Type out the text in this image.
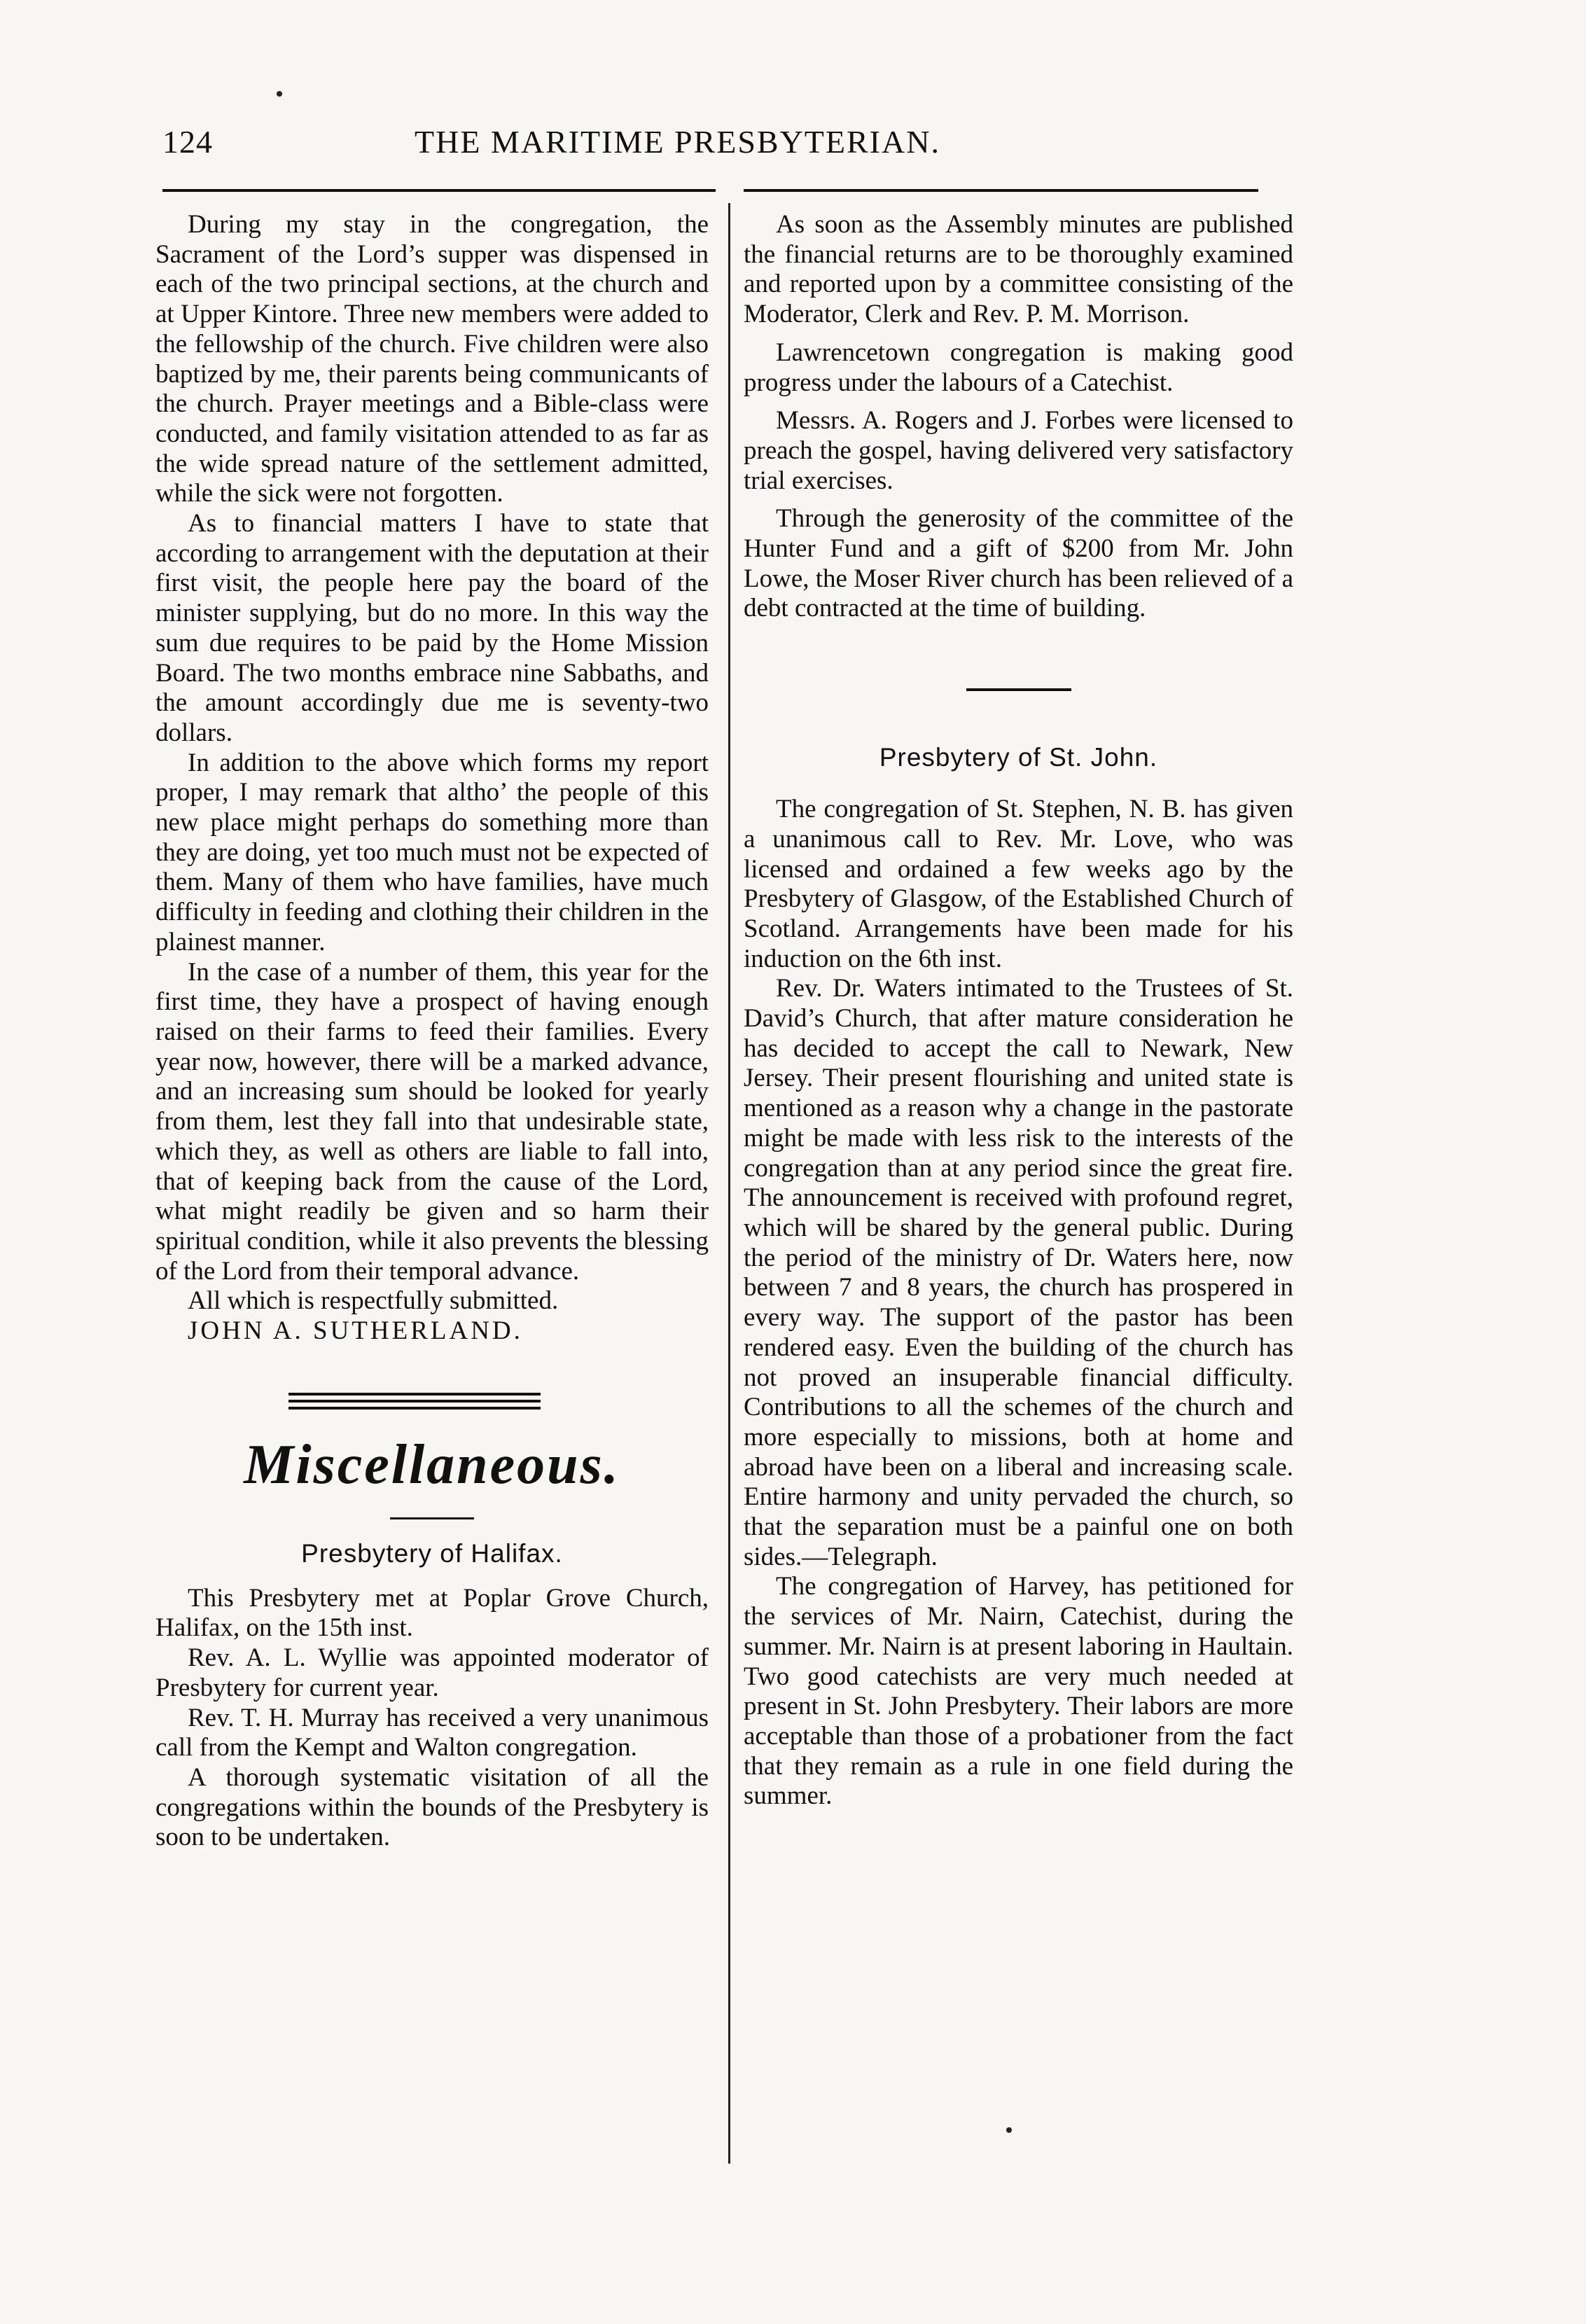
124	THE MARITIME PRESBYTERIAN.

During my stay in the congregation, the Sacrament of the Lord’s supper was dispensed in each of the two principal sections, at the church and at Upper Kintore. Three new members were added to the fellowship of the church. Five children were also baptized by me, their parents being communicants of the church. Prayer meetings and a Bible-class were conducted, and family visitation attended to as far as the wide spread nature of the settlement admitted, while the sick were not forgotten.

As to financial matters I have to state that according to arrangement with the deputation at their first visit, the people here pay the board of the minister supplying, but do no more. In this way the sum due requires to be paid by the Home Mission Board. The two months embrace nine Sabbaths, and the amount accordingly due me is seventy-two dollars.

In addition to the above which forms my report proper, I may remark that altho’ the people of this new place might perhaps do something more than they are doing, yet too much must not be expected of them. Many of them who have families, have much difficulty in feeding and clothing their children in the plainest manner.

In the case of a number of them, this year for the first time, they have a prospect of having enough raised on their farms to feed their families. Every year now, however, there will be a marked advance, and an increasing sum should be looked for yearly from them, lest they fall into that undesirable state, which they, as well as others are liable to fall into, that of keeping back from the cause of the Lord, what might readily be given and so harm their spiritual condition, while it also prevents the blessing of the Lord from their temporal advance.

All which is respectfully submitted.

JOHN A. SUTHERLAND.

Miscellaneous.
Presbytery of Halifax.

This Presbytery met at Poplar Grove Church, Halifax, on the 15th inst.

Rev. A. L. Wyllie was appointed moderator of Presbytery for current year.

Rev. T. H. Murray has received a very unanimous call from the Kempt and Walton congregation.

A thorough systematic visitation of all the congregations within the bounds of the Presbytery is soon to be undertaken.

As soon as the Assembly minutes are published the financial returns are to be thoroughly examined and reported upon by a committee consisting of the Moderator, Clerk and Rev. P. M. Morrison.

Lawrencetown congregation is making good progress under the labours of a Catechist.

Messrs. A. Rogers and J. Forbes were licensed to preach the gospel, having delivered very satisfactory trial exercises.

Through the generosity of the committee of the Hunter Fund and a gift of $200 from Mr. John Lowe, the Moser River church has been relieved of a debt contracted at the time of building.

Presbytery of St. John.

The congregation of St. Stephen, N. B. has given a unanimous call to Rev. Mr. Love, who was licensed and ordained a few weeks ago by the Presbytery of Glasgow, of the Established Church of Scotland. Arrangements have been made for his induction on the 6th inst.

Rev. Dr. Waters intimated to the Trustees of St. David’s Church, that after mature consideration he has decided to accept the call to Newark, New Jersey. Their present flourishing and united state is mentioned as a reason why a change in the pastorate might be made with less risk to the interests of the congregation than at any period since the great fire. The announcement is received with profound regret, which will be shared by the general public. During the period of the ministry of Dr. Waters here, now between 7 and 8 years, the church has prospered in every way. The support of the pastor has been rendered easy. Even the building of the church has not proved an insuperable financial difficulty. Contributions to all the schemes of the church and more especially to missions, both at home and abroad have been on a liberal and increasing scale. Entire harmony and unity pervaded the church, so that the separation must be a painful one on both sides.—Telegraph.

The congregation of Harvey, has petitioned for the services of Mr. Nairn, Catechist, during the summer. Mr. Nairn is at present laboring in Haultain. Two good catechists are very much needed at present in St. John Presbytery. Their labors are more acceptable than those of a probationer from the fact that they remain as a rule in one field during the summer.
